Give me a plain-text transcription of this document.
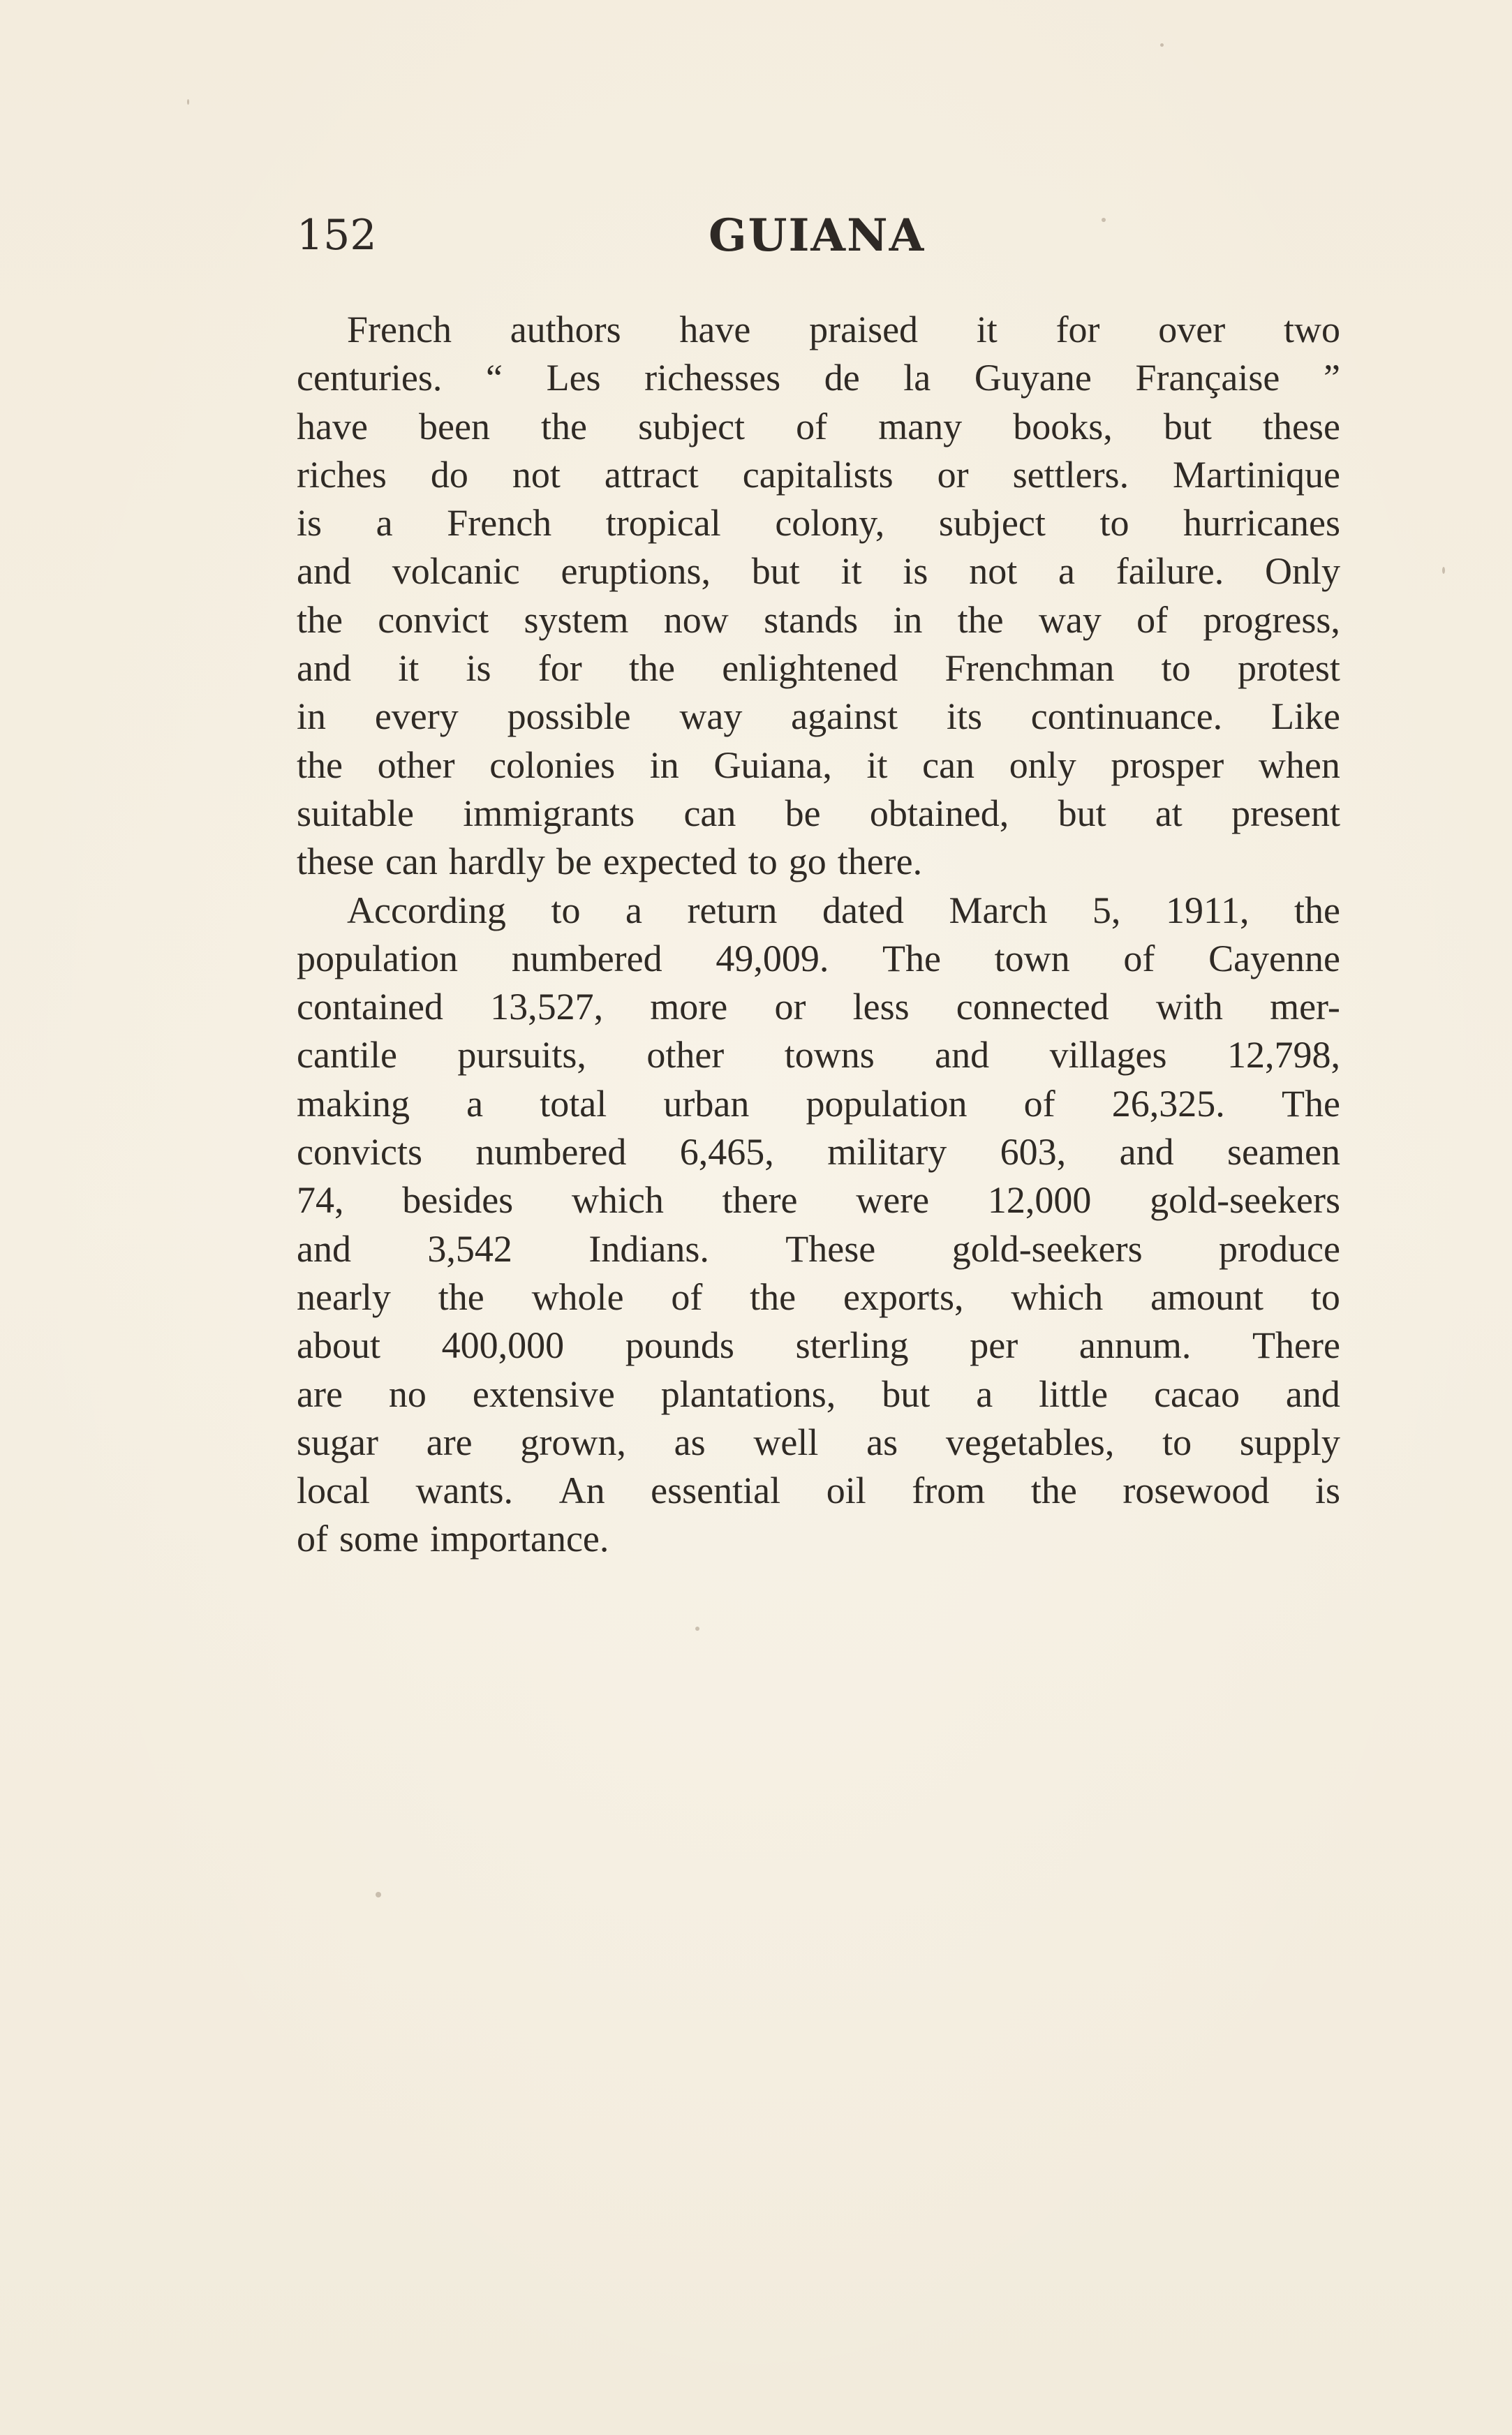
152	GUIANA
French authors have praised it for over two
centuries. “ Les richesses de la Guyane Française ”
have been the subject of many books, but these
riches do not attract capitalists or settlers. Martinique
is a French tropical colony, subject to hurricanes
and volcanic eruptions, but it is not a failure. Only
the convict system now stands in the way of progress,
and it is for the enlightened Frenchman to protest
in every possible way against its continuance. Like
the other colonies in Guiana, it can only prosper when
suitable immigrants can be obtained, but at present
these can hardly be expected to go there.
According to a return dated March 5, 1911, the
population numbered 49,009. The town of Cayenne
contained 13,527, more or less connected with mer-
cantile pursuits, other towns and villages 12,798,
making a total urban population of 26,325. The
convicts numbered 6,465, military 603, and seamen
74, besides which there were 12,000 gold-seekers
and 3,542 Indians. These gold-seekers produce
nearly the whole of the exports, which amount to
about 400,000 pounds sterling per annum. There
are no extensive plantations, but a little cacao and
sugar are grown, as well as vegetables, to supply
local wants. An essential oil from the rosewood is
of some importance.
